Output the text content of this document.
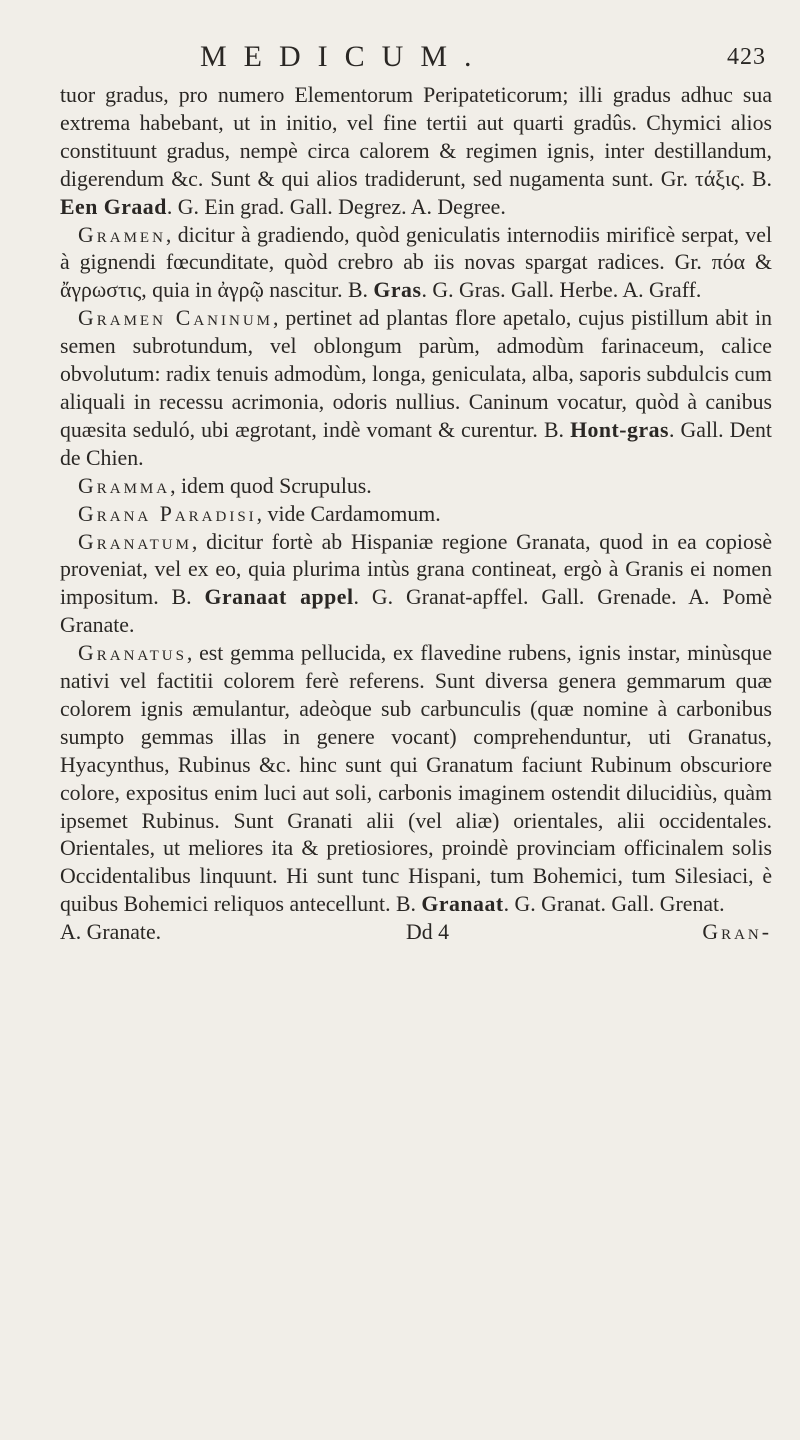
MEDICUM.	423

tuor gradus, pro numero Elementorum Peripateticorum; illi gradus adhuc sua extrema habebant, ut in initio, vel fine tertii aut quarti gradûs. Chymici alios constituunt gradus, nempè circa calorem & regimen ignis, inter destillandum, digerendum &c. Sunt & qui alios tradiderunt, sed nugamenta sunt. Gr. τάξις. B. Een Graad. G. Ein grad. Gall. Degrez. A. Degree.

Gramen, dicitur à gradiendo, quòd geniculatis internodiis mirificè serpat, vel à gignendi fœcunditate, quòd crebro ab iis novas spargat radices. Gr. πόα & ἄγρωστις, quia in ἀγρῷ nascitur. B. Gras. G. Gras. Gall. Herbe. A. Graff.

Gramen Caninum, pertinet ad plantas flore apetalo, cujus pistillum abit in semen subrotundum, vel oblongum parùm, admodùm farinaceum, calice obvolutum: radix tenuis admodùm, longa, geniculata, alba, saporis subdulcis cum aliquali in recessu acrimonia, odoris nullius. Caninum vocatur, quòd à canibus quæsita seduló, ubi ægrotant, indè vomant & curentur. B. Hont-gras. Gall. Dent de Chien.

Gramma, idem quod Scrupulus.

Grana Paradisi, vide Cardamomum.

Granatum, dicitur fortè ab Hispaniæ regione Granata, quod in ea copiosè proveniat, vel ex eo, quia plurima intùs grana contineat, ergò à Granis ei nomen impositum. B. Granaat appel. G. Granat-apffel. Gall. Grenade. A. Pomè Granate.

Granatus, est gemma pellucida, ex flavedine rubens, ignis instar, minùsque nativi vel factitii colorem ferè referens. Sunt diversa genera gemmarum quæ colorem ignis æmulantur, adeòque sub carbunculis (quæ nomine à carbonibus sumpto gemmas illas in genere vocant) comprehenduntur, uti Granatus, Hyacynthus, Rubinus &c. hinc sunt qui Granatum faciunt Rubinum obscuriore colore, expositus enim luci aut soli, carbonis imaginem ostendit dilucidiùs, quàm ipsemet Rubinus. Sunt Granati alii (vel aliæ) orientales, alii occidentales. Orientales, ut meliores ita & pretiosiores, proindè provinciam officinalem solis Occidentalibus linquunt. Hi sunt tunc Hispani, tum Bohemici, tum Silesiaci, è quibus Bohemici reliquos antecellunt. B. Granaat. G. Granat. Gall. Grenat.

A. Granate.	Dd 4	Gran-
